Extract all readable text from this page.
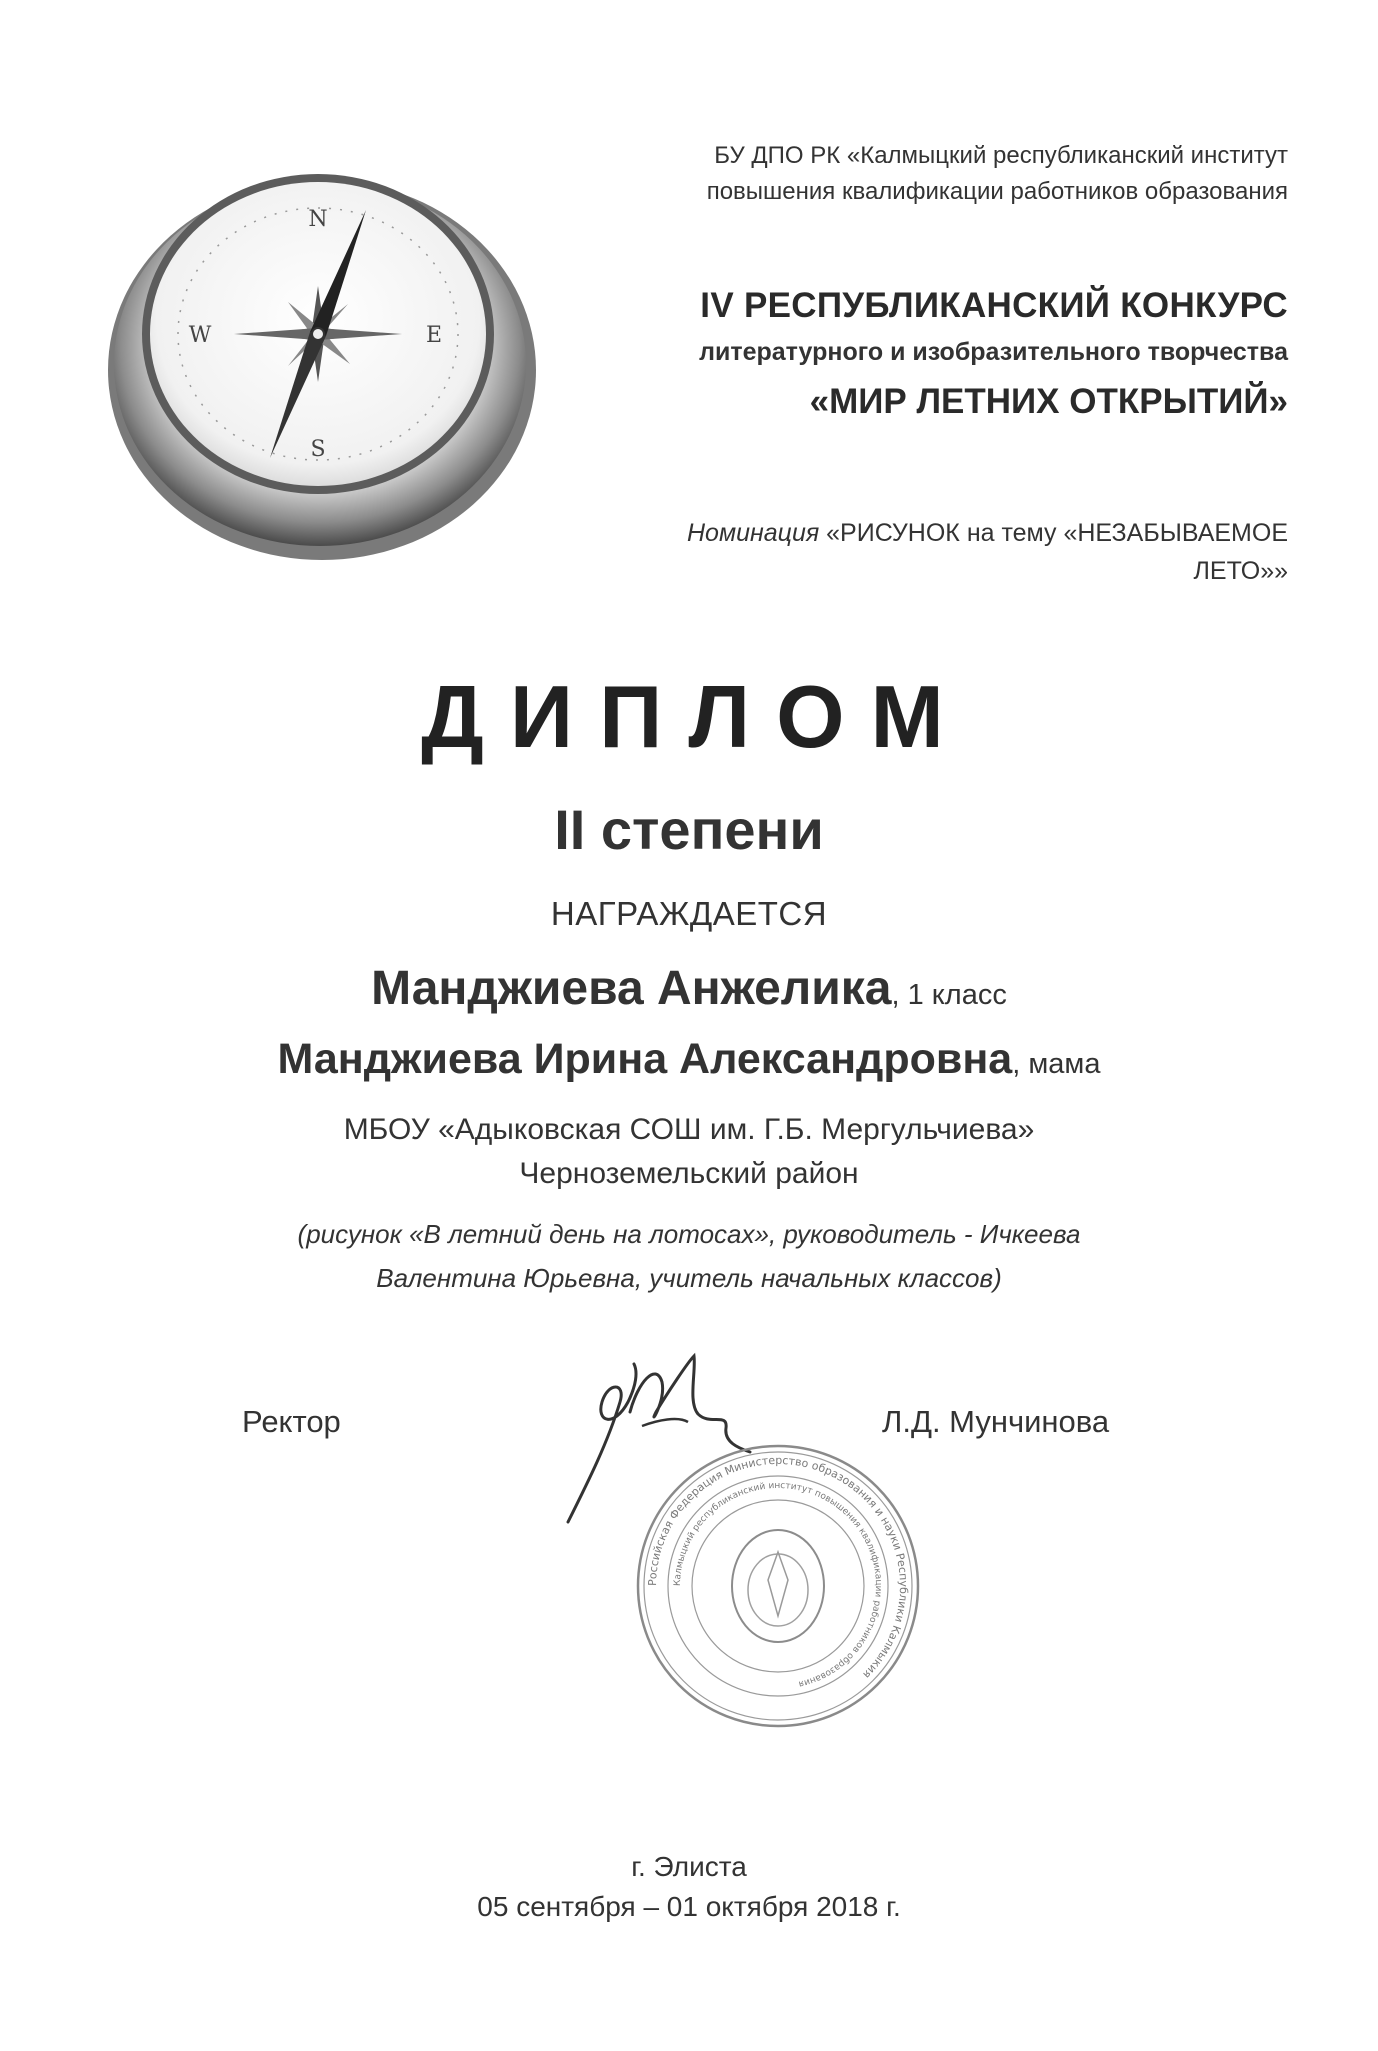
N
S
W	E
БУ ДПО РК «Калмыцкий республиканский институт
повышения квалификации работников образования
IV РЕСПУБЛИКАНСКИЙ КОНКУРС
литературного и изобразительного творчества
«МИР ЛЕТНИХ ОТКРЫТИЙ»
Номинация «РИСУНОК на тему «НЕЗАБЫВАЕМОЕ
ЛЕТО»»
ДИПЛОМ
II степени
НАГРАЖДАЕТСЯ
Манджиева Анжелика, 1 класс
Манджиева Ирина Александровна, мама
МБОУ «Адыковская СОШ им. Г.Б. Мергульчиева»
Черноземельский район
(рисунок «В летний день на лотосах», руководитель - Ичкеева
Валентина Юрьевна, учитель начальных классов)
Ректор	Л.Д. Мунчинова
Российская Федерация Министерство образования и науки Республики Калмыкия
Калмыцкий республиканский институт повышения квалификации работников образования
г. Элиста
05 сентября – 01 октября 2018 г.
